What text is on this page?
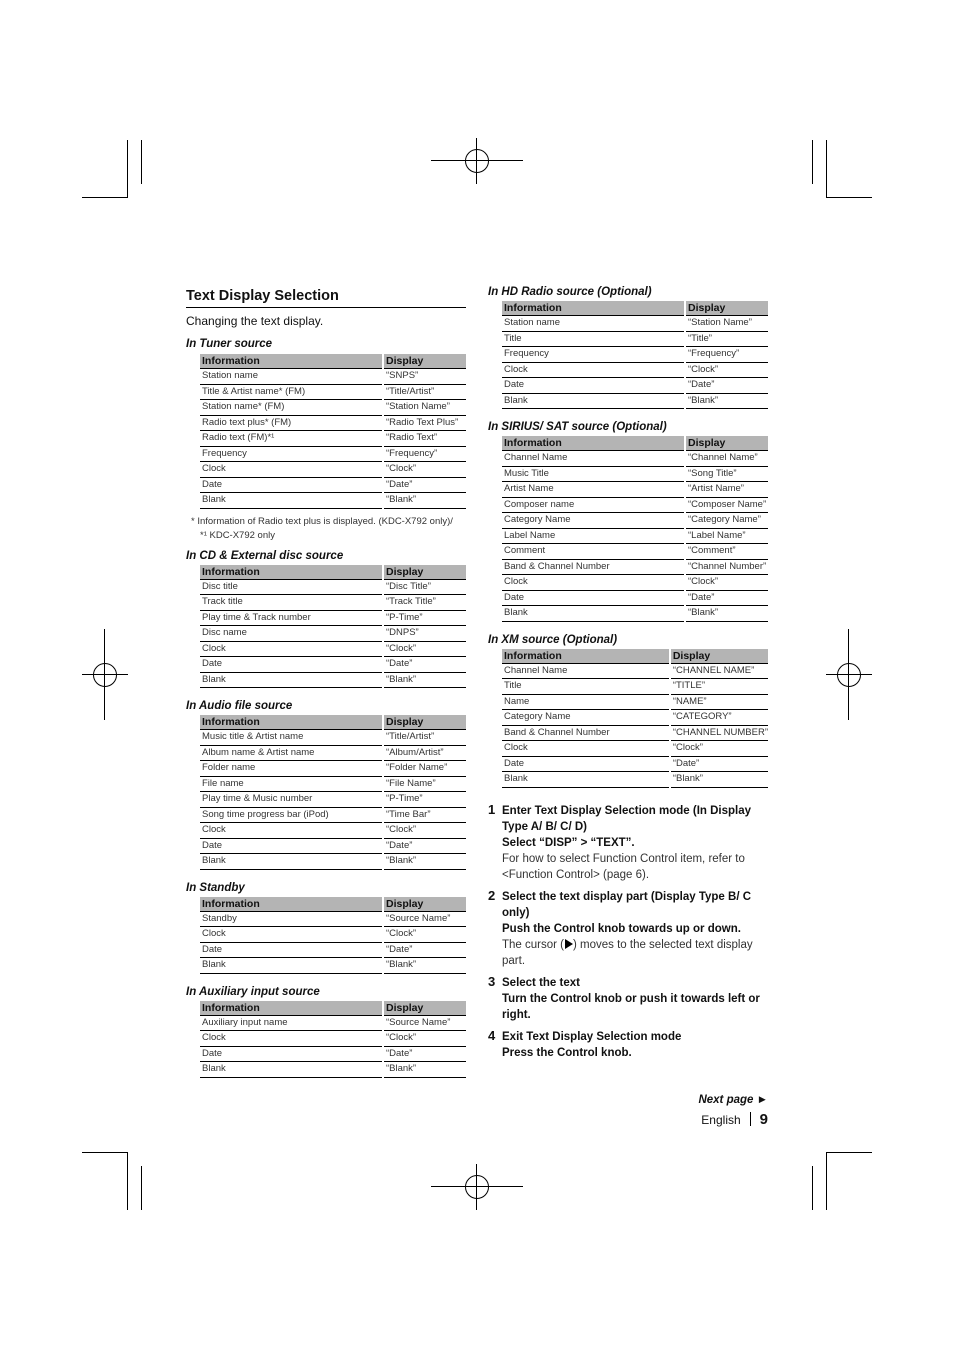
Text Display Selection

Changing the text display.

In Tuner source

Information	Display
Station name	“SNPS”
Title & Artist name* (FM)	“Title/Artist”
Station name* (FM)	“Station Name”
Radio text plus* (FM)	“Radio Text Plus”
Radio text (FM)*¹	“Radio Text”
Frequency	“Frequency”
Clock	“Clock”
Date	“Date”
Blank	“Blank”

* Information of Radio text plus is displayed. (KDC-X792 only)/ *¹ KDC-X792 only

In CD & External disc source

Information	Display
Disc title	“Disc Title”
Track title	“Track Title”
Play time & Track number	“P-Time”
Disc name	“DNPS”
Clock	“Clock”
Date	“Date”
Blank	“Blank”

In Audio file source

Information	Display
Music title & Artist name	“Title/Artist”
Album name & Artist name	“Album/Artist”
Folder name	“Folder Name”
File name	“File Name”
Play time & Music number	“P-Time”
Song time progress bar (iPod)	“Time Bar”
Clock	“Clock”
Date	“Date”
Blank	“Blank”

In Standby

Information	Display
Standby	“Source Name”
Clock	“Clock”
Date	“Date”
Blank	“Blank”

In Auxiliary input source

Information	Display
Auxiliary input name	“Source Name”
Clock	“Clock”
Date	“Date”
Blank	“Blank”

In HD Radio source (Optional)

Information	Display
Station name	“Station Name”
Title	“Title”
Frequency	“Frequency”
Clock	“Clock”
Date	“Date”
Blank	“Blank”

In SIRIUS/ SAT source (Optional)

Information	Display
Channel Name	“Channel Name”
Music Title	“Song Title”
Artist Name	“Artist Name”
Composer name	“Composer Name”
Category Name	“Category Name”
Label Name	“Label Name”
Comment	“Comment”
Band & Channel Number	“Channel Number”
Clock	“Clock”
Date	“Date”
Blank	“Blank”

In XM source (Optional)

Information	Display
Channel Name	“CHANNEL NAME”
Title	“TITLE”
Name	“NAME”
Category Name	“CATEGORY”
Band & Channel Number	“CHANNEL NUMBER”
Clock	“Clock”
Date	“Date”
Blank	“Blank”
1 Enter Text Display Selection mode (In Display Type A/ B/ C/ D)
Select “DISP” > “TEXT”.
For how to select Function Control item, refer to <Function Control> (page 6).
2 Select the text display part (Display Type B/ C only)
Push the Control knob towards up or down.
The cursor ( ) moves to the selected text display part.
3 Select the text
Turn the Control knob or push it towards left or right.
4 Exit Text Display Selection mode
Press the Control knob.
Next page ►
English 9
